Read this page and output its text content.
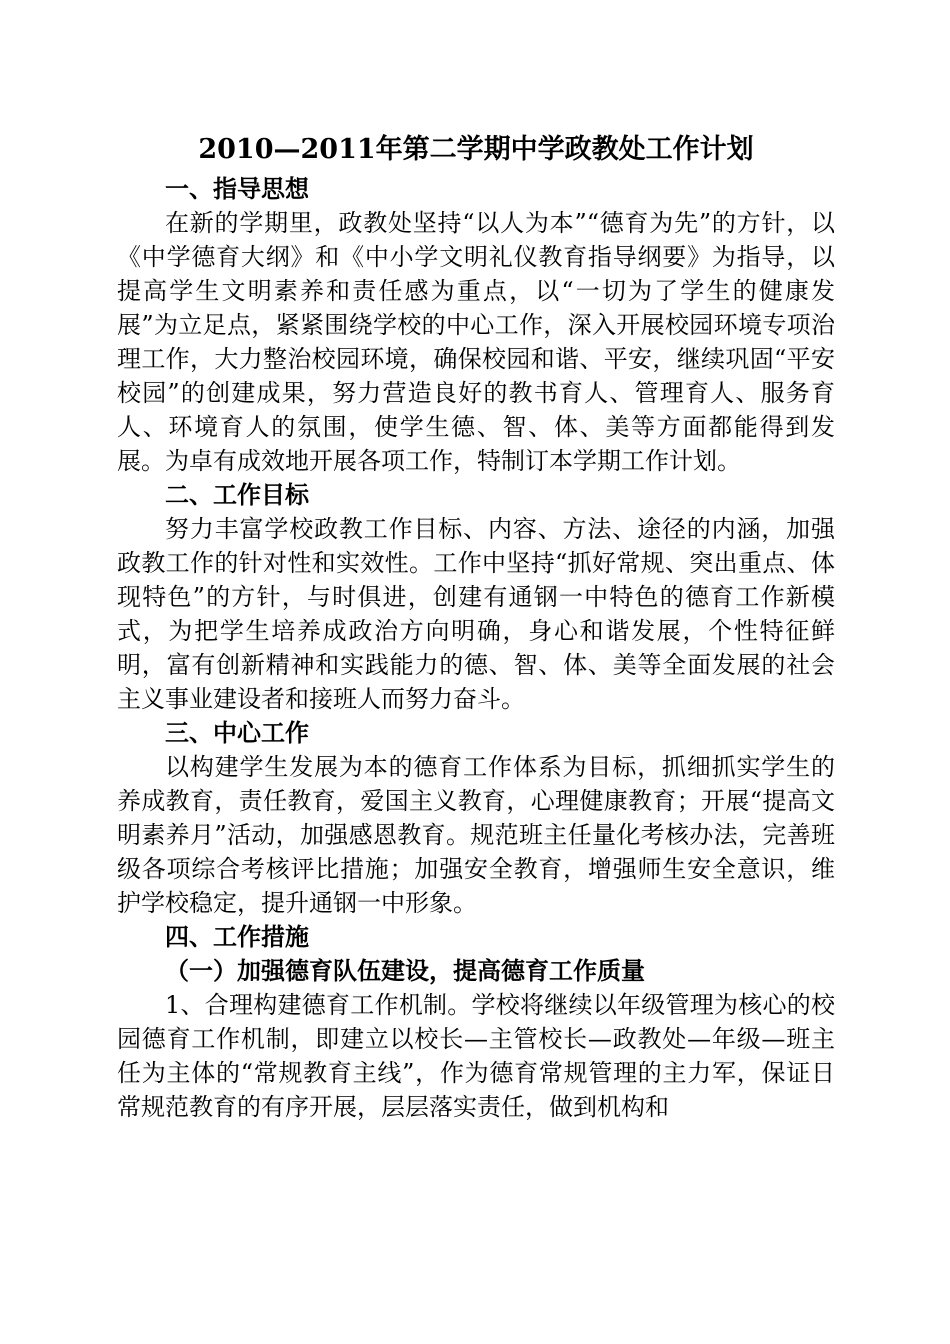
2010—2011年第二学期中学政教处工作计划
一、指导思想

在新的学期里，政教处坚持“以人为本”“德育为先”的方针，以《中学德育大纲》和《中小学文明礼仪教育指导纲要》为指导，以提高学生文明素养和责任感为重点，以“一切为了学生的健康发展”为立足点，紧紧围绕学校的中心工作，深入开展校园环境专项治理工作，大力整治校园环境，确保校园和谐、平安，继续巩固“平安校园”的创建成果，努力营造良好的教书育人、管理育人、服务育人、环境育人的氛围，使学生德、智、体、美等方面都能得到发展。为卓有成效地开展各项工作，特制订本学期工作计划。

二、工作目标

努力丰富学校政教工作目标、内容、方法、途径的内涵，加强政教工作的针对性和实效性。工作中坚持“抓好常规、突出重点、体现特色”的方针，与时俱进，创建有通钢一中特色的德育工作新模式，为把学生培养成政治方向明确，身心和谐发展，个性特征鲜明，富有创新精神和实践能力的德、智、体、美等全面发展的社会主义事业建设者和接班人而努力奋斗。

三、中心工作

以构建学生发展为本的德育工作体系为目标，抓细抓实学生的养成教育，责任教育，爱国主义教育，心理健康教育；开展“提高文明素养月”活动，加强感恩教育。规范班主任量化考核办法，完善班级各项综合考核评比措施；加强安全教育，增强师生安全意识，维护学校稳定，提升通钢一中形象。

四、工作措施
（一）加强德育队伍建设，提高德育工作质量

1、合理构建德育工作机制。学校将继续以年级管理为核心的校园德育工作机制，即建立以校长—主管校长—政教处—年级—班主任为主体的“常规教育主线”，作为德育常规管理的主力军，保证日常规范教育的有序开展，层层落实责任，做到机构和
